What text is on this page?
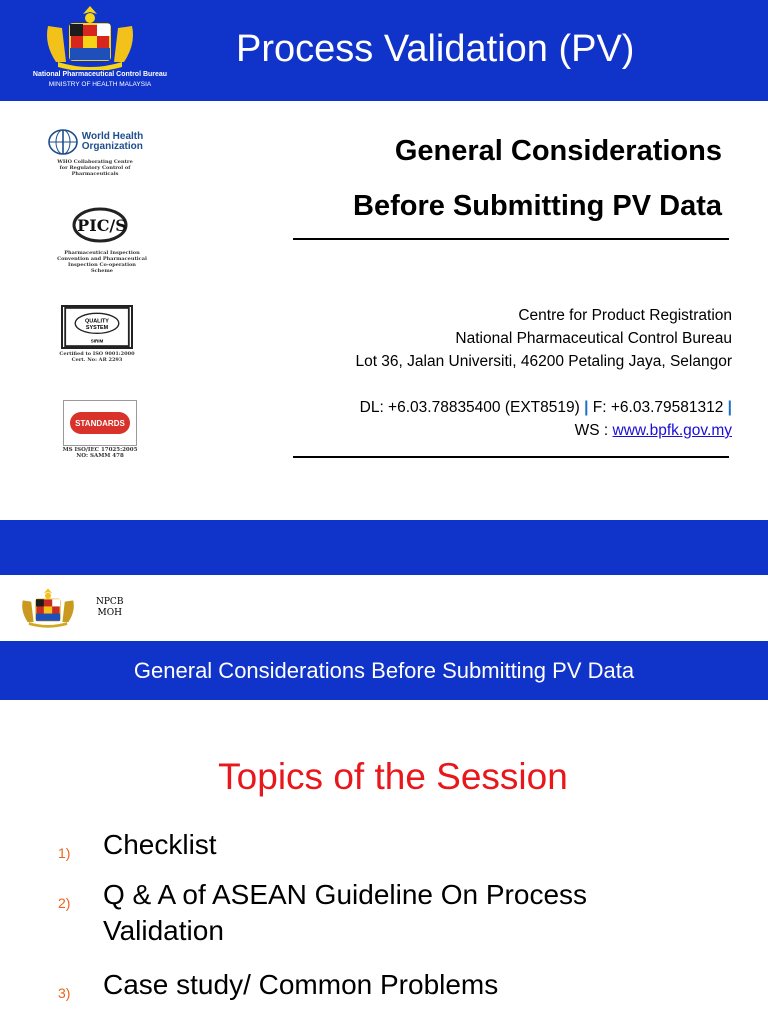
National Pharmaceutical Control Bureau
MINISTRY OF HEALTH MALAYSIA
Process Validation (PV)
World Health
Organization
WHO Collaborating Centre
for Regulatory Control of
Pharmaceuticals
PIC/S
Pharmaceutical Inspection
Convention and Pharmaceutical
Inspection Co-operation
Scheme
QUALITY
SYSTEM
SIRIM
Certified to ISO 9001:2000
Cert. No: AR 2293
STANDARDS
MS ISO/IEC 17025:2005
NO: SAMM 478
General Considerations
Before Submitting PV Data
Centre for Product Registration
National Pharmaceutical Control Bureau
Lot 36, Jalan Universiti, 46200 Petaling Jaya, Selangor
DL: +6.03.78835400 (EXT8519) | F: +6.03.79581312 |
WS : www.bpfk.gov.my
NPCB
MOH
General Considerations Before Submitting PV Data
Topics of the Session
1) Checklist
2) Q & A of ASEAN Guideline On Process
Validation
3) Case study/ Common Problems
